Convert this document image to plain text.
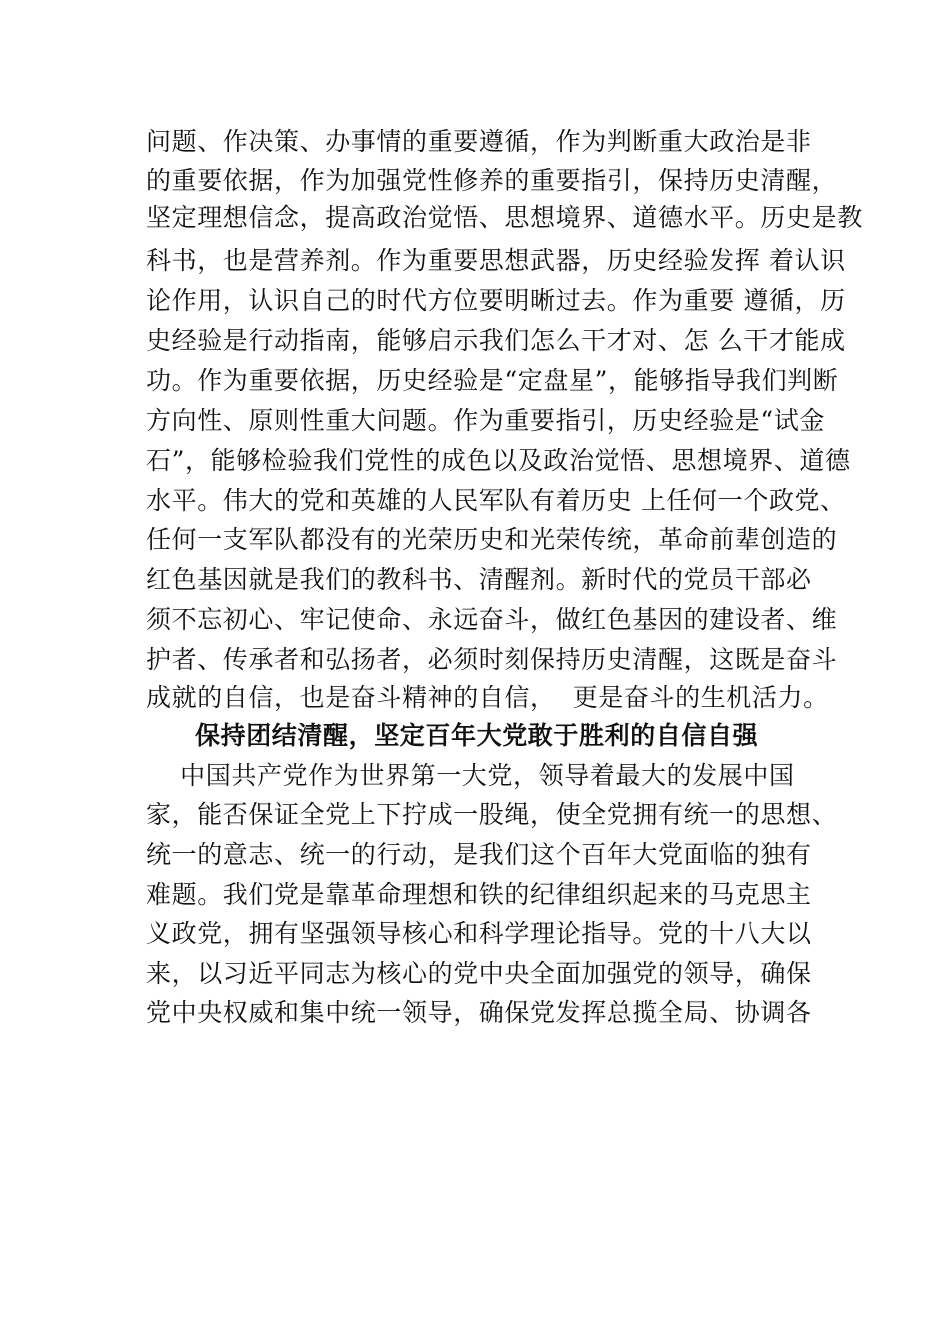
问题、作决策、办事情的重要遵循，作为判断重大政治是非
的重要依据，作为加强党性修养的重要指引，保持历史清醒，
坚定理想信念，提高政治觉悟、思想境界、道德水平。历史是教
科书，也是营养剂。作为重要思想武器，历史经验发挥 着认识
论作用，认识自己的时代方位要明晰过去。作为重要 遵循，历
史经验是行动指南，能够启示我们怎么干才对、怎 么干才能成
功。作为重要依据，历史经验是“定盘星”，能够指导我们判断
方向性、原则性重大问题。作为重要指引，历史经验是“试金
石”，能够检验我们党性的成色以及政治觉悟、思想境界、道德
水平。伟大的党和英雄的人民军队有着历史 上任何一个政党、
任何一支军队都没有的光荣历史和光荣传统，革命前辈创造的
红色基因就是我们的教科书、清醒剂。新时代的党员干部必
须不忘初心、牢记使命、永远奋斗，做红色基因的建设者、维
护者、传承者和弘扬者，必须时刻保持历史清醒，这既是奋斗
成就的自信，也是奋斗精神的自信，  更是奋斗的生机活力。
保持团结清醒，坚定百年大党敢于胜利的自信自强
中国共产党作为世界第一大党，领导着最大的发展中国
家，能否保证全党上下拧成一股绳，使全党拥有统一的思想、
统一的意志、统一的行动，是我们这个百年大党面临的独有
难题。我们党是靠革命理想和铁的纪律组织起来的马克思主
义政党，拥有坚强领导核心和科学理论指导。党的十八大以
来，以习近平同志为核心的党中央全面加强党的领导，确保
党中央权威和集中统一领导，确保党发挥总揽全局、协调各
